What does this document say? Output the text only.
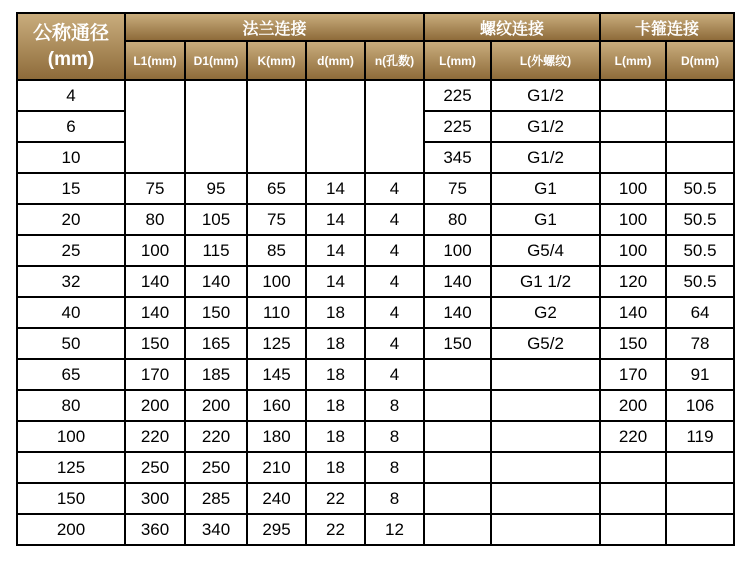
公称通径
(mm)	法兰连接					螺纹连接		卡箍连接	
	L1(mm)	D1(mm)	K(mm)	d(mm)	n(孔数)	L(mm)	L(外螺纹)	L(mm)	D(mm)
4						225	G1/2		
6						225	G1/2		
10						345	G1/2		
15	75	95	65	14	4	75	G1	100	50.5
20	80	105	75	14	4	80	G1	100	50.5
25	100	115	85	14	4	100	G5/4	100	50.5
32	140	140	100	14	4	140	G1 1/2	120	50.5
40	140	150	110	18	4	140	G2	140	64
50	150	165	125	18	4	150	G5/2	150	78
65	170	185	145	18	4			170	91
80	200	200	160	18	8			200	106
100	220	220	180	18	8			220	119
125	250	250	210	18	8				
150	300	285	240	22	8				
200	360	340	295	22	12				
